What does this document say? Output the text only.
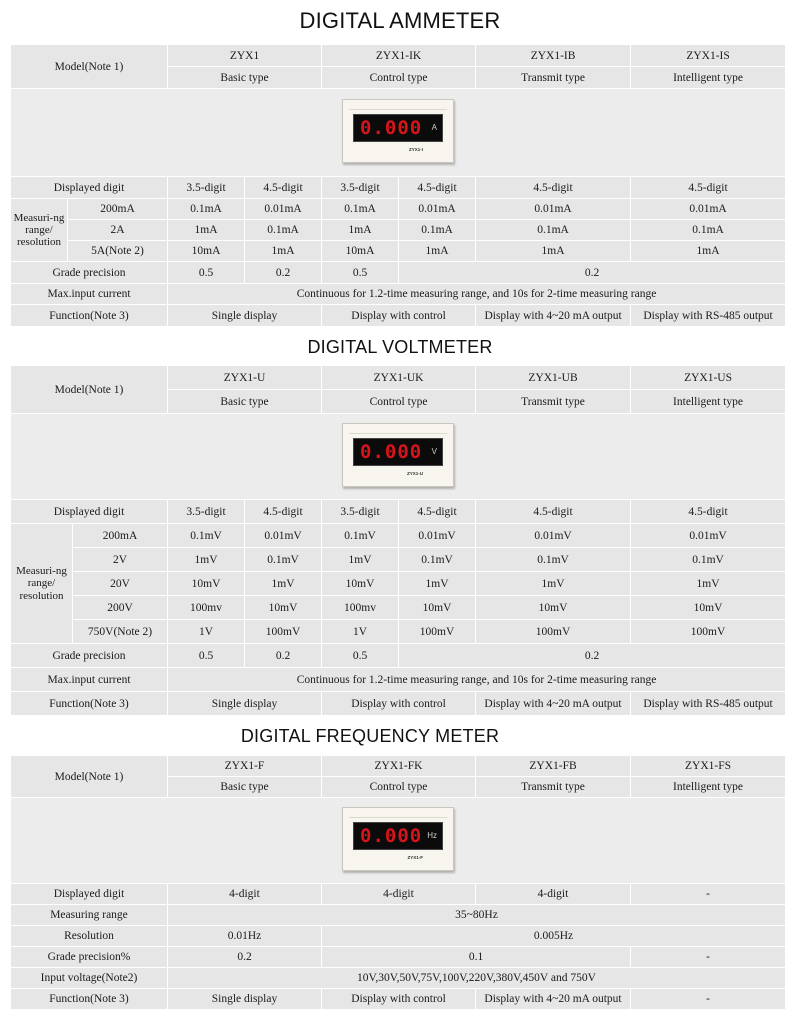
DIGITAL AMMETER
Model(Note 1)		ZYX1		ZYX1-IK		ZYX1-IB	ZYX1-IS
		Basic type		Control type		Transmit type	Intelligent type

0.000 A
ZYX1-I							

Displayed digit		3.5-digit	4.5-digit	3.5-digit	4.5-digit	4.5-digit	4.5-digit
Measuri-ng range/ resolution	200mA	0.1mA	0.01mA	0.1mA	0.01mA	0.01mA	0.01mA
	2A	1mA	0.1mA	1mA	0.1mA	0.1mA	0.1mA
	5A(Note 2)	10mA	1mA	10mA	1mA	1mA	1mA
Grade precision		0.5	0.2	0.5	0.2		
Max.input current		Continuous for 1.2-time measuring range, and 10s for 2-time measuring range					
Function(Note 3)		Single display		Display with control		Display with 4~20 mA output	Display with RS-485 output
DIGITAL VOLTMETER
Model(Note 1)		ZYX1-U		ZYX1-UK		ZYX1-UB	ZYX1-US
		Basic type		Control type		Transmit type	Intelligent type

0.000 V
ZYX1-U							

Displayed digit		3.5-digit	4.5-digit	3.5-digit	4.5-digit	4.5-digit	4.5-digit
Measuri-ng range/ resolution	200mA	0.1mV	0.01mV	0.1mV	0.01mV	0.01mV	0.01mV
	2V	1mV	0.1mV	1mV	0.1mV	0.1mV	0.1mV
	20V	10mV	1mV	10mV	1mV	1mV	1mV
	200V	100mv	10mV	100mv	10mV	10mV	10mV
	750V(Note 2)	1V	100mV	1V	100mV	100mV	100mV
Grade precision		0.5	0.2	0.5	0.2		
Max.input current		Continuous for 1.2-time measuring range, and 10s for 2-time measuring range					
Function(Note 3)		Single display		Display with control		Display with 4~20 mA output	Display with RS-485 output
DIGITAL FREQUENCY METER
Model(Note 1)	ZYX1-F	ZYX1-FK	ZYX1-FB	ZYX1-FS
	Basic type	Control type	Transmit type	Intelligent type

0.000 Hz
ZYX1-F				

Displayed digit	4-digit	4-digit	4-digit	-
Measuring range	35~80Hz			
Resolution	0.01Hz	0.005Hz		
Grade precision%	0.2	0.1		-
Input voltage(Note2)	10V,30V,50V,75V,100V,220V,380V,450V and 750V			
Function(Note 3)	Single display	Display with control	Display with 4~20 mA output	-
